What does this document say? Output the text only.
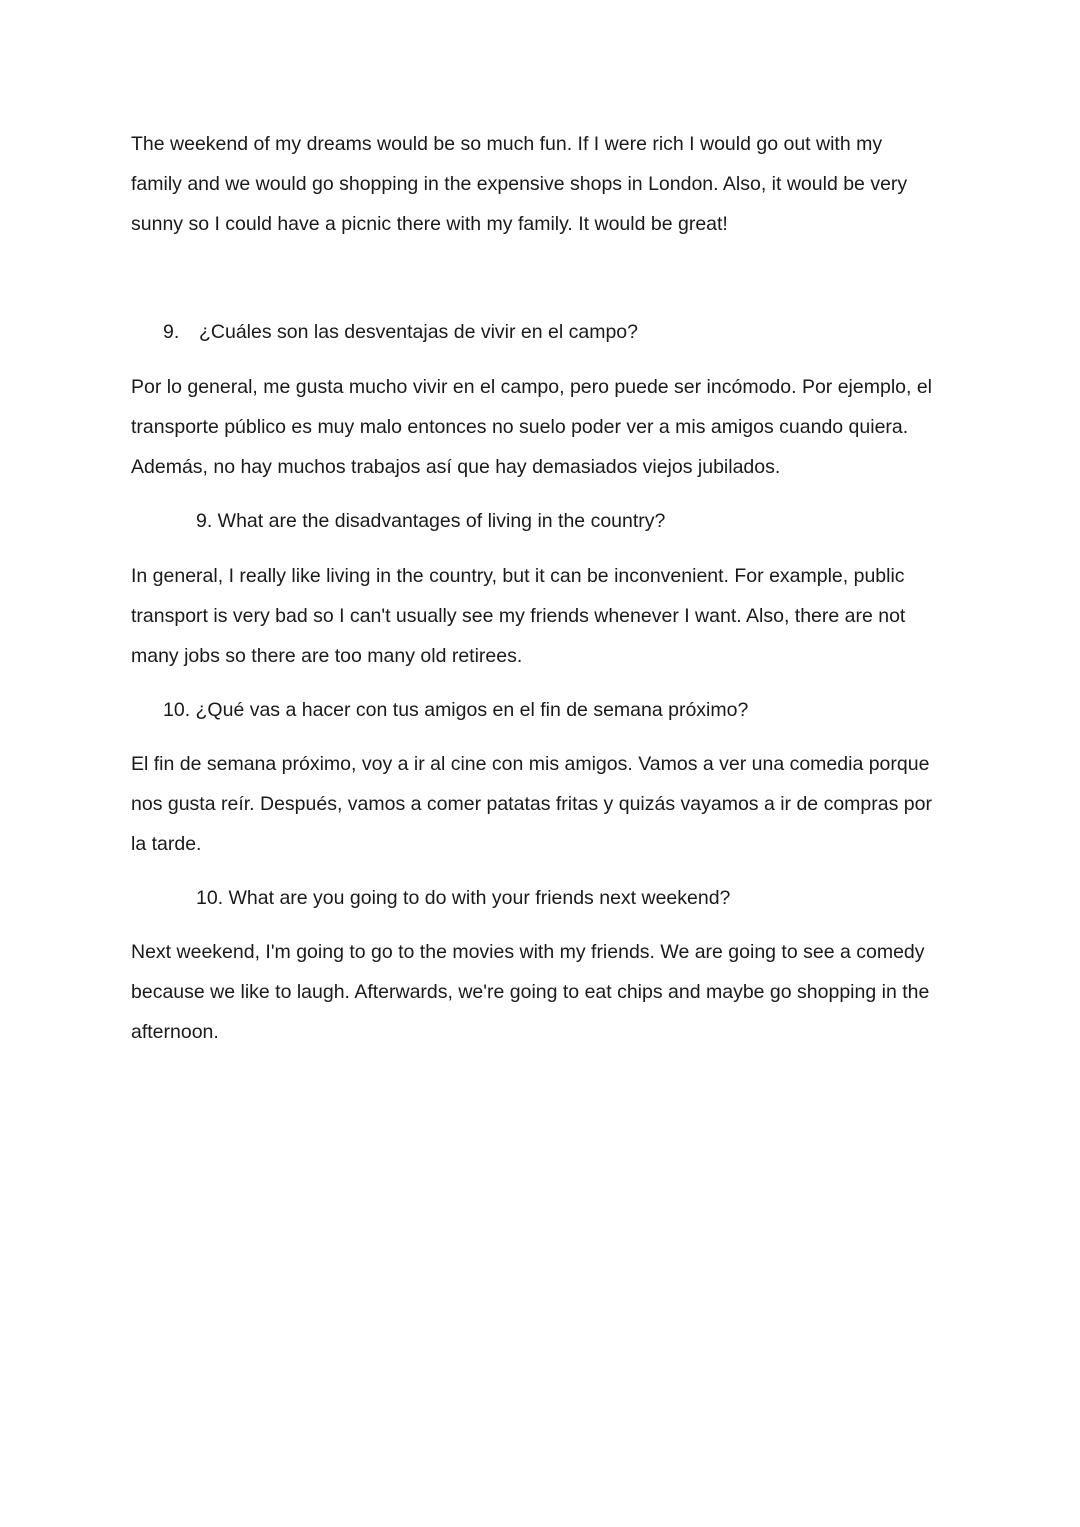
The weekend of my dreams would be so much fun. If I were rich I would go out with my
family and we would go shopping in the expensive shops in London. Also, it would be very
sunny so I could have a picnic there with my family. It would be great!

9. ¿Cuáles son las desventajas de vivir en el campo?

Por lo general, me gusta mucho vivir en el campo, pero puede ser incómodo. Por ejemplo, el
transporte público es muy malo entonces no suelo poder ver a mis amigos cuando quiera.
Además, no hay muchos trabajos así que hay demasiados viejos jubilados.

9. What are the disadvantages of living in the country?

In general, I really like living in the country, but it can be inconvenient. For example, public
transport is very bad so I can't usually see my friends whenever I want. Also, there are not
many jobs so there are too many old retirees.

10. ¿Qué vas a hacer con tus amigos en el fin de semana próximo?

El fin de semana próximo, voy a ir al cine con mis amigos. Vamos a ver una comedia porque
nos gusta reír. Después, vamos a comer patatas fritas y quizás vayamos a ir de compras por
la tarde.

10. What are you going to do with your friends next weekend?

Next weekend, I'm going to go to the movies with my friends. We are going to see a comedy
because we like to laugh. Afterwards, we're going to eat chips and maybe go shopping in the
afternoon.
